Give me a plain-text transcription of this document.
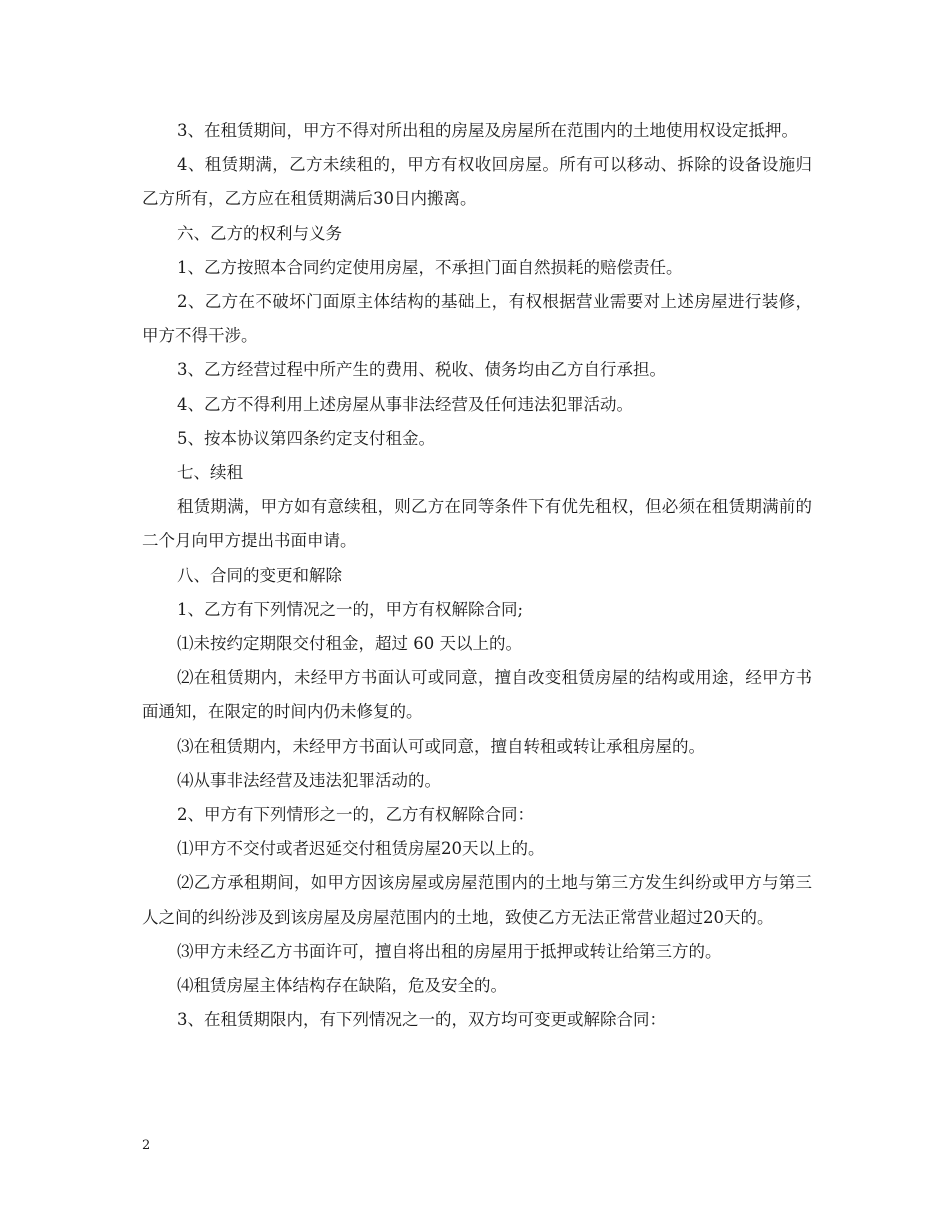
3、在租赁期间，甲方不得对所出租的房屋及房屋所在范围内的土地使用权设定抵押。

4、租赁期满，乙方未续租的，甲方有权收回房屋。所有可以移动、拆除的设备设施归乙方所有，乙方应在租赁期满后30日内搬离。

六、乙方的权利与义务

1、乙方按照本合同约定使用房屋，不承担门面自然损耗的赔偿责任。

2、乙方在不破坏门面原主体结构的基础上，有权根据营业需要对上述房屋进行装修，甲方不得干涉。

3、乙方经营过程中所产生的费用、税收、债务均由乙方自行承担。

4、乙方不得利用上述房屋从事非法经营及任何违法犯罪活动。

5、按本协议第四条约定支付租金。

七、续租

租赁期满，甲方如有意续租，则乙方在同等条件下有优先租权，但必须在租赁期满前的二个月向甲方提出书面申请。

八、合同的变更和解除

1、乙方有下列情况之一的，甲方有权解除合同;

⑴未按约定期限交付租金，超过 60 天以上的。

⑵在租赁期内，未经甲方书面认可或同意，擅自改变租赁房屋的结构或用途，经甲方书面通知，在限定的时间内仍未修复的。

⑶在租赁期内，未经甲方书面认可或同意，擅自转租或转让承租房屋的。

⑷从事非法经营及违法犯罪活动的。

2、甲方有下列情形之一的，乙方有权解除合同：

⑴甲方不交付或者迟延交付租赁房屋20天以上的。

⑵乙方承租期间，如甲方因该房屋或房屋范围内的土地与第三方发生纠纷或甲方与第三人之间的纠纷涉及到该房屋及房屋范围内的土地，致使乙方无法正常营业超过20天的。

⑶甲方未经乙方书面许可，擅自将出租的房屋用于抵押或转让给第三方的。

⑷租赁房屋主体结构存在缺陷，危及安全的。

3、在租赁期限内，有下列情况之一的，双方均可变更或解除合同：

2
